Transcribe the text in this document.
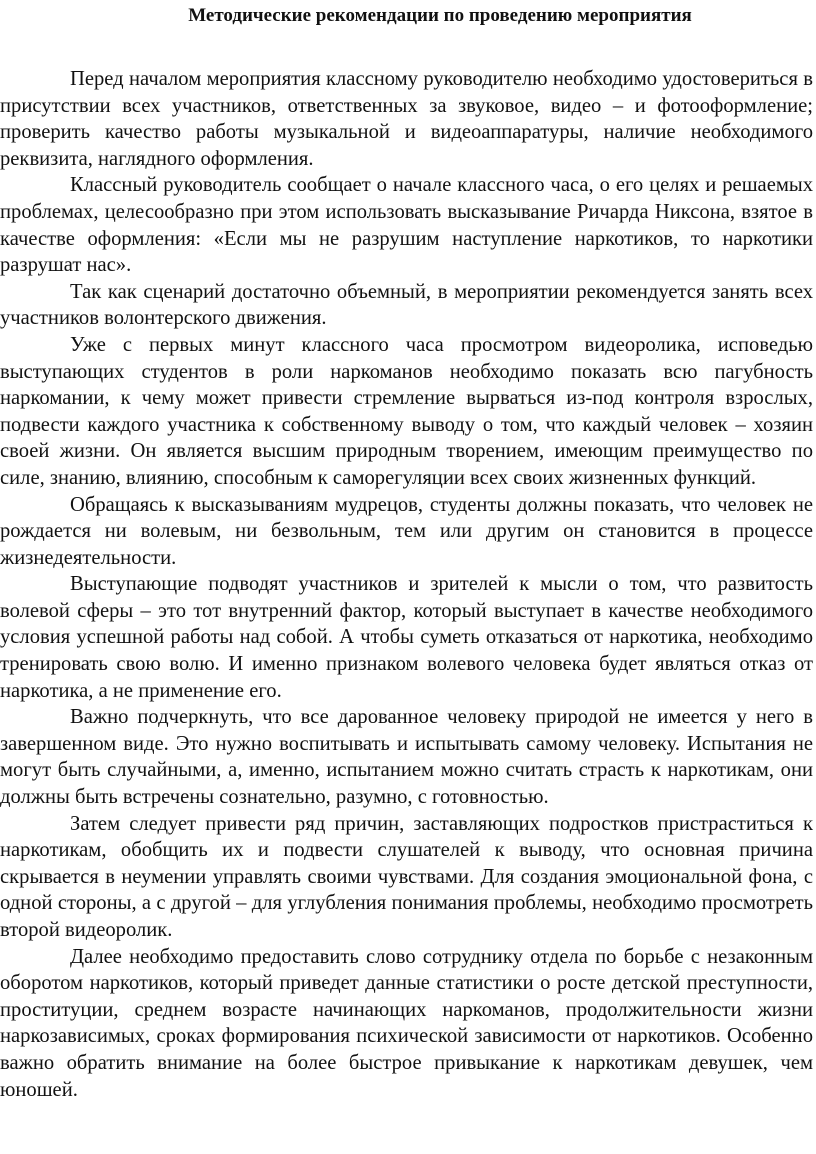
Методические рекомендации по проведению мероприятия

Перед началом мероприятия классному руководителю необходимо удостовериться в присутствии всех участников, ответственных за звуковое, видео – и фотооформление; проверить качество работы музыкальной и видеоаппаратуры, наличие необходимого реквизита, наглядного оформления.

Классный руководитель сообщает о начале классного часа, о его целях и решаемых проблемах, целесообразно при этом использовать высказывание Ричарда Никсона, взятое в качестве оформления: «Если мы не разрушим наступление наркотиков, то наркотики разрушат нас».

Так как сценарий достаточно объемный, в мероприятии рекомендуется занять всех участников волонтерского движения.

Уже с первых минут классного часа просмотром видеоролика, исповедью выступающих студентов в роли наркоманов необходимо показать всю пагубность наркомании, к чему может привести стремление вырваться из-под контроля взрослых, подвести каждого участника к собственному выводу о том, что каждый человек – хозяин своей жизни. Он является высшим природным творением, имеющим преимущество по силе, знанию, влиянию, способным к саморегуляции всех своих жизненных функций.

Обращаясь к высказываниям мудрецов, студенты должны показать, что человек не рождается ни волевым, ни безвольным, тем или другим он становится в процессе жизнедеятельности.

Выступающие подводят участников и зрителей к мысли о том, что развитость волевой сферы – это тот внутренний фактор, который выступает в качестве необходимого условия успешной работы над собой. А чтобы суметь отказаться от наркотика, необходимо тренировать свою волю. И именно признаком волевого человека будет являться отказ от наркотика, а не применение его.

Важно подчеркнуть, что все дарованное человеку природой не имеется у него в завершенном виде. Это нужно воспитывать и испытывать самому человеку. Испытания не могут быть случайными, а, именно, испытанием можно считать страсть к наркотикам, они должны быть встречены сознательно, разумно, с готовностью.

Затем следует привести ряд причин, заставляющих подростков пристраститься к наркотикам, обобщить их и подвести слушателей к выводу, что основная причина скрывается в неумении управлять своими чувствами. Для создания эмоциональной фона, с одной стороны, а с другой – для углубления понимания проблемы, необходимо просмотреть второй видеоролик.

Далее необходимо предоставить слово сотруднику отдела по борьбе с незаконным оборотом наркотиков, который приведет данные статистики о росте детской преступности, проституции, среднем возрасте начинающих наркоманов, продолжительности жизни наркозависимых, сроках формирования психической зависимости от наркотиков. Особенно важно обратить внимание на более быстрое привыкание к наркотикам девушек, чем юношей.
